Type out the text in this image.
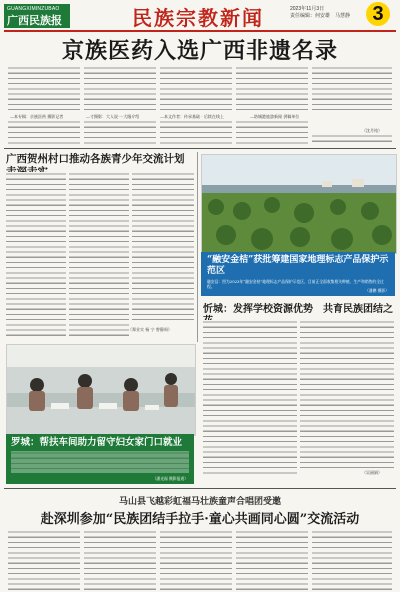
GUANGXIMINZUBAO
广西民族报	民族宗教新闻	2023年11月3日
责任编辑：何安雄　马慧静	3
京族医药入选广西非遗名录
—本专稿：京族医药 摄影记者	—寸摄影：大人说一·大眼介绍	—本文作者：传承基础 · 后续在线上	—防城港旅游新闻 供稿单位
（沈月纯）
广西贺州村口推动各族青少年交流计划
（郑业实 杨 宁 曾静周）
“融安金桔”获批筹建国家地理标志产品保护示范区
融安县：图为2023年“融安金桔”地理标志产品保护示范区，目前正全面收集相关种植、生产和销售的全过程。
（潘鹏 摄影）
忻城：发挥学校资源优势　共育民族团结之
罗城：帮扶车间助力留守妇女家门口就业
（潘光福 摄影报道）
（吴丽娟）
马山县飞越彩虹福马壮族童声合唱团受邀
赴深圳参加“民族团结手拉手·童心共画同心圆”交流活动
